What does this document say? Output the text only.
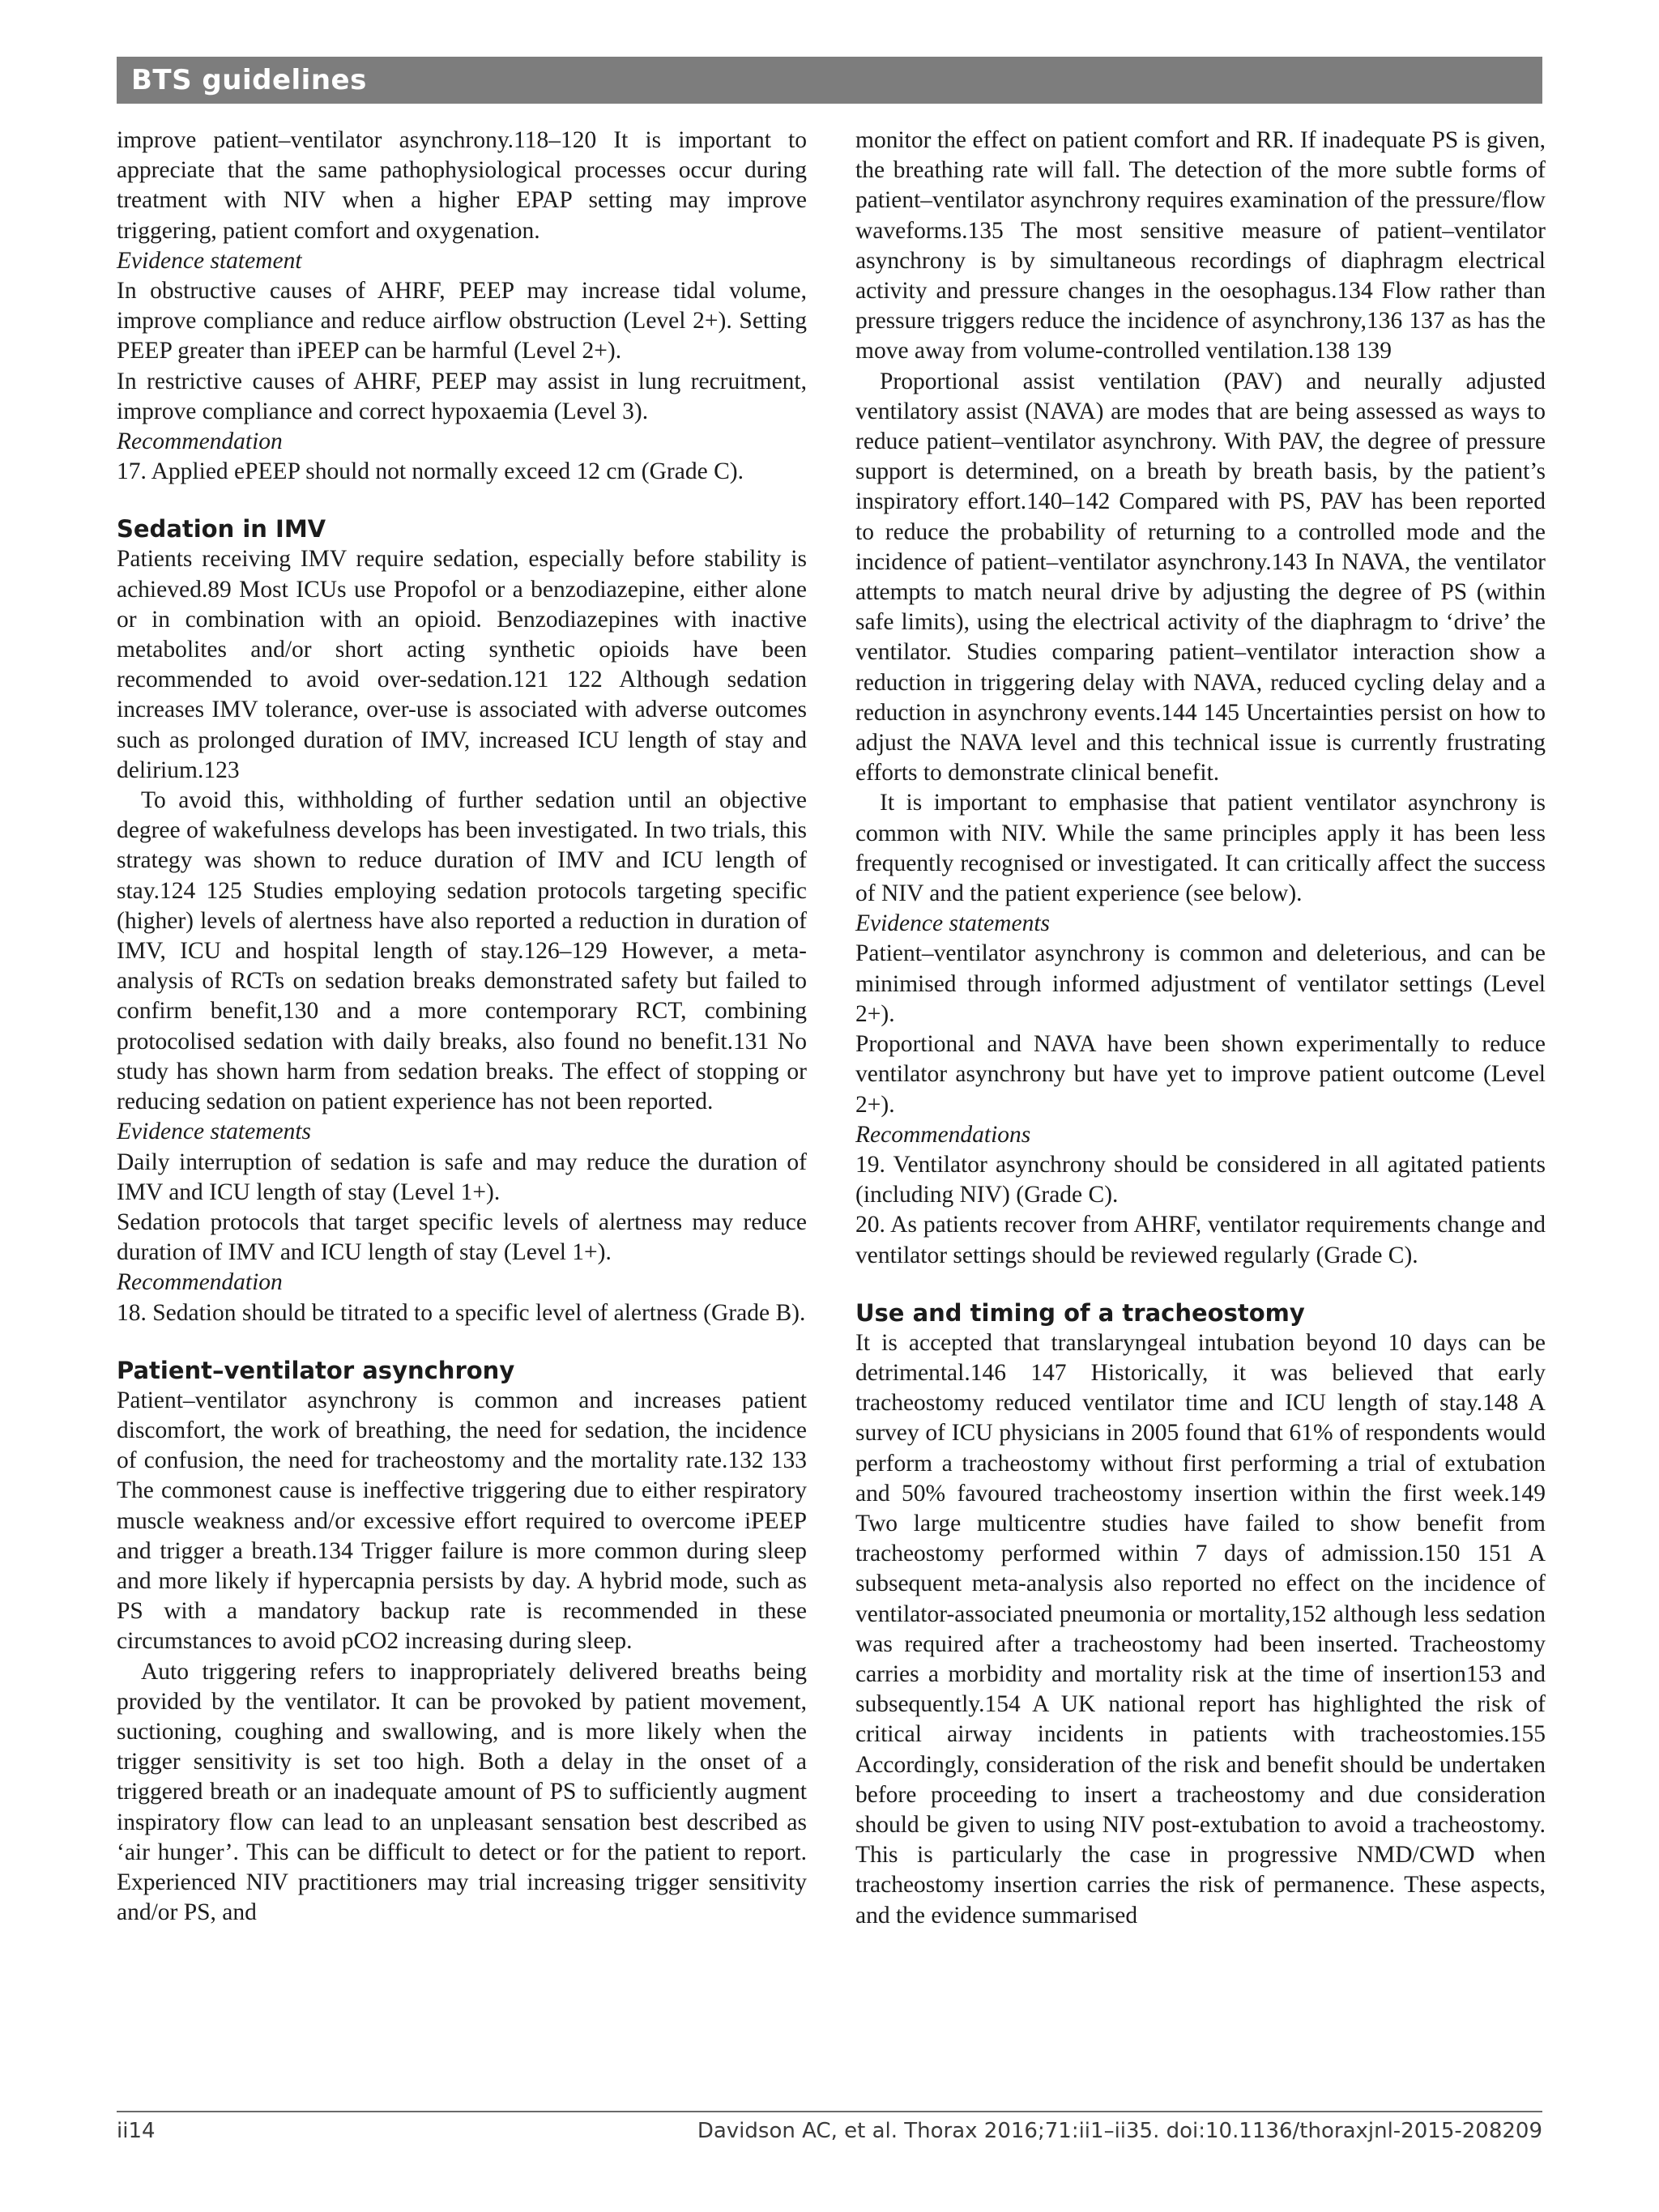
BTS guidelines

improve patient–ventilator asynchrony.118–120 It is important to appreciate that the same pathophysiological processes occur during treatment with NIV when a higher EPAP setting may improve triggering, patient comfort and oxygenation.

Evidence statement

In obstructive causes of AHRF, PEEP may increase tidal volume, improve compliance and reduce airflow obstruction (Level 2+). Setting PEEP greater than iPEEP can be harmful (Level 2+).

In restrictive causes of AHRF, PEEP may assist in lung recruitment, improve compliance and correct hypoxaemia (Level 3).

Recommendation

17. Applied ePEEP should not normally exceed 12 cm (Grade C).

Sedation in IMV

Patients receiving IMV require sedation, especially before stability is achieved.89 Most ICUs use Propofol or a benzodiazepine, either alone or in combination with an opioid. Benzodiazepines with inactive metabolites and/or short acting synthetic opioids have been recommended to avoid over-sedation.121 122 Although sedation increases IMV tolerance, over-use is associated with adverse outcomes such as prolonged duration of IMV, increased ICU length of stay and delirium.123

To avoid this, withholding of further sedation until an objective degree of wakefulness develops has been investigated. In two trials, this strategy was shown to reduce duration of IMV and ICU length of stay.124 125 Studies employing sedation protocols targeting specific (higher) levels of alertness have also reported a reduction in duration of IMV, ICU and hospital length of stay.126–129 However, a meta-analysis of RCTs on sedation breaks demonstrated safety but failed to confirm benefit,130 and a more contemporary RCT, combining protocolised sedation with daily breaks, also found no benefit.131 No study has shown harm from sedation breaks. The effect of stopping or reducing sedation on patient experience has not been reported.

Evidence statements

Daily interruption of sedation is safe and may reduce the duration of IMV and ICU length of stay (Level 1+).

Sedation protocols that target specific levels of alertness may reduce duration of IMV and ICU length of stay (Level 1+).

Recommendation

18. Sedation should be titrated to a specific level of alertness (Grade B).

Patient–ventilator asynchrony

Patient–ventilator asynchrony is common and increases patient discomfort, the work of breathing, the need for sedation, the incidence of confusion, the need for tracheostomy and the mortality rate.132 133 The commonest cause is ineffective triggering due to either respiratory muscle weakness and/or excessive effort required to overcome iPEEP and trigger a breath.134 Trigger failure is more common during sleep and more likely if hypercapnia persists by day. A hybrid mode, such as PS with a mandatory backup rate is recommended in these circumstances to avoid pCO2 increasing during sleep.

Auto triggering refers to inappropriately delivered breaths being provided by the ventilator. It can be provoked by patient movement, suctioning, coughing and swallowing, and is more likely when the trigger sensitivity is set too high. Both a delay in the onset of a triggered breath or an inadequate amount of PS to sufficiently augment inspiratory flow can lead to an unpleasant sensation best described as ‘air hunger’. This can be difficult to detect or for the patient to report. Experienced NIV practitioners may trial increasing trigger sensitivity and/or PS, and

monitor the effect on patient comfort and RR. If inadequate PS is given, the breathing rate will fall. The detection of the more subtle forms of patient–ventilator asynchrony requires examination of the pressure/flow waveforms.135 The most sensitive measure of patient–ventilator asynchrony is by simultaneous recordings of diaphragm electrical activity and pressure changes in the oesophagus.134 Flow rather than pressure triggers reduce the incidence of asynchrony,136 137 as has the move away from volume-controlled ventilation.138 139

Proportional assist ventilation (PAV) and neurally adjusted ventilatory assist (NAVA) are modes that are being assessed as ways to reduce patient–ventilator asynchrony. With PAV, the degree of pressure support is determined, on a breath by breath basis, by the patient’s inspiratory effort.140–142 Compared with PS, PAV has been reported to reduce the probability of returning to a controlled mode and the incidence of patient–ventilator asynchrony.143 In NAVA, the ventilator attempts to match neural drive by adjusting the degree of PS (within safe limits), using the electrical activity of the diaphragm to ‘drive’ the ventilator. Studies comparing patient–ventilator interaction show a reduction in triggering delay with NAVA, reduced cycling delay and a reduction in asynchrony events.144 145 Uncertainties persist on how to adjust the NAVA level and this technical issue is currently frustrating efforts to demonstrate clinical benefit.

It is important to emphasise that patient ventilator asynchrony is common with NIV. While the same principles apply it has been less frequently recognised or investigated. It can critically affect the success of NIV and the patient experience (see below).

Evidence statements

Patient–ventilator asynchrony is common and deleterious, and can be minimised through informed adjustment of ventilator settings (Level 2+).

Proportional and NAVA have been shown experimentally to reduce ventilator asynchrony but have yet to improve patient outcome (Level 2+).

Recommendations

19. Ventilator asynchrony should be considered in all agitated patients (including NIV) (Grade C).

20. As patients recover from AHRF, ventilator requirements change and ventilator settings should be reviewed regularly (Grade C).

Use and timing of a tracheostomy

It is accepted that translaryngeal intubation beyond 10 days can be detrimental.146 147 Historically, it was believed that early tracheostomy reduced ventilator time and ICU length of stay.148 A survey of ICU physicians in 2005 found that 61% of respondents would perform a tracheostomy without first performing a trial of extubation and 50% favoured tracheostomy insertion within the first week.149 Two large multicentre studies have failed to show benefit from tracheostomy performed within 7 days of admission.150 151 A subsequent meta-analysis also reported no effect on the incidence of ventilator-associated pneumonia or mortality,152 although less sedation was required after a tracheostomy had been inserted. Tracheostomy carries a morbidity and mortality risk at the time of insertion153 and subsequently.154 A UK national report has highlighted the risk of critical airway incidents in patients with tracheostomies.155 Accordingly, consideration of the risk and benefit should be undertaken before proceeding to insert a tracheostomy and due consideration should be given to using NIV post-extubation to avoid a tracheostomy. This is particularly the case in progressive NMD/CWD when tracheostomy insertion carries the risk of permanence. These aspects, and the evidence summarised

ii14	Davidson AC, et al. Thorax 2016;71:ii1–ii35. doi:10.1136/thoraxjnl-2015-208209
